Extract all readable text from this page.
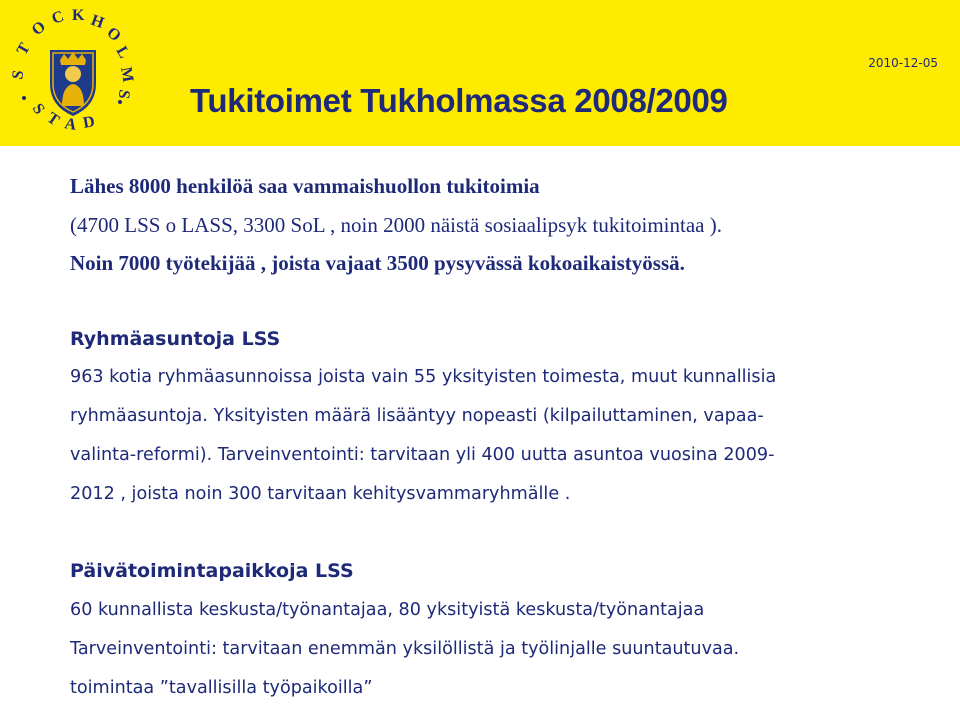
S
T
O
C K H
O
L
M
S
S
T A D
Tukitoimet Tukholmassa 2008/2009
2010-12-05
Lähes 8000 henkilöä saa vammaishuollon tukitoimia
(4700 LSS o LASS, 3300 SoL , noin 2000 näistä sosiaalipsyk tukitoimintaa ).
Noin 7000 työtekijää , joista vajaat 3500 pysyvässä kokoaikaistyössä.
Ryhmäasuntoja LSS
963 kotia ryhmäasunnoissa joista vain 55 yksityisten toimesta, muut kunnallisia
ryhmäasuntoja. Yksityisten määrä lisääntyy nopeasti (kilpailuttaminen, vapaa-
valinta-reformi). Tarveinventointi: tarvitaan yli 400 uutta asuntoa vuosina 2009-
2012 , joista noin 300 tarvitaan kehitysvammaryhmälle .
Päivätoimintapaikkoja LSS
60 kunnallista keskusta/työnantajaa, 80 yksityistä keskusta/työnantajaa
Tarveinventointi: tarvitaan enemmän yksilöllistä ja työlinjalle suuntautuvaa.
toimintaa ”tavallisilla työpaikoilla”
